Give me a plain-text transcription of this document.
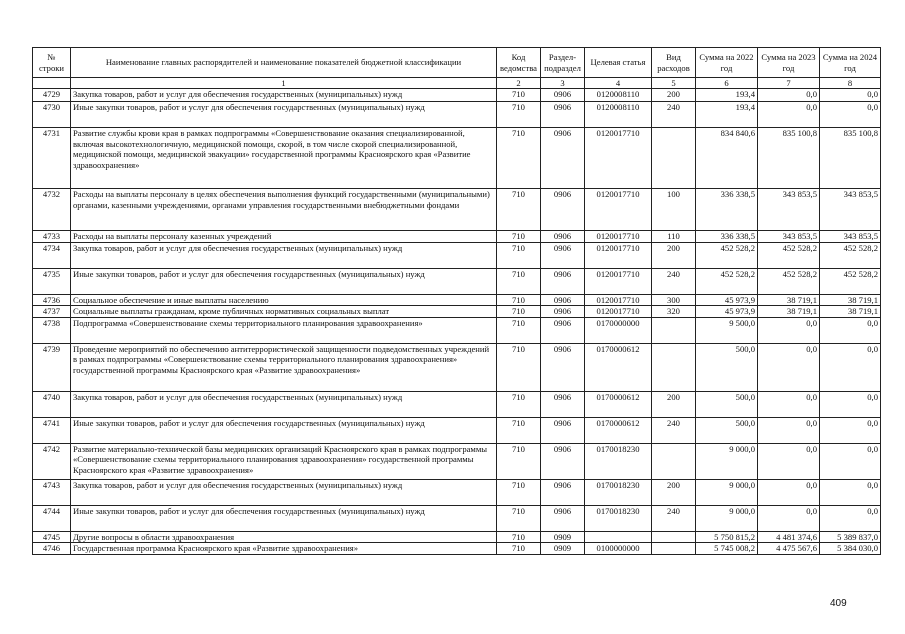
№ строки	Наименование главных распорядителей и наименование показателей бюджетной классификации	Код ведомства	Раздел-подраздел	Целевая статья	Вид расходов	Сумма на 2022 год	Сумма на 2023 год	Сумма на 2024 год
	1	2	3	4	5	6	7	8
4729	Закупка товаров, работ и услуг для обеспечения государственных (муниципальных) нужд	710	0906	0120008110	200	193,4	0,0	0,0
4730	Иные закупки товаров, работ и услуг для обеспечения государственных (муниципальных) нужд	710	0906	0120008110	240	193,4	0,0	0,0
4731	Развитие службы крови края в рамках подпрограммы «Совершенствование оказания специализированной, включая высокотехнологичную, медицинской помощи, скорой, в том числе скорой специализированной, медицинской помощи, медицинской эвакуации» государственной программы Красноярского края «Развитие здравоохранения»	710	0906	0120017710		834 840,6	835 100,8	835 100,8
4732	Расходы на выплаты персоналу в целях обеспечения выполнения функций государственными (муниципальными) органами, казенными учреждениями, органами управления государственными внебюджетными фондами	710	0906	0120017710	100	336 338,5	343 853,5	343 853,5
4733	Расходы на выплаты персоналу казенных учреждений	710	0906	0120017710	110	336 338,5	343 853,5	343 853,5
4734	Закупка товаров, работ и услуг для обеспечения государственных (муниципальных) нужд	710	0906	0120017710	200	452 528,2	452 528,2	452 528,2
4735	Иные закупки товаров, работ и услуг для обеспечения государственных (муниципальных) нужд	710	0906	0120017710	240	452 528,2	452 528,2	452 528,2
4736	Социальное обеспечение и иные выплаты населению	710	0906	0120017710	300	45 973,9	38 719,1	38 719,1
4737	Социальные выплаты гражданам, кроме публичных нормативных социальных выплат	710	0906	0120017710	320	45 973,9	38 719,1	38 719,1
4738	Подпрограмма «Совершенствование схемы территориального планирования здравоохранения»	710	0906	0170000000		9 500,0	0,0	0,0
4739	Проведение мероприятий по обеспечению антитеррористической защищенности подведомственных учреждений в рамках подпрограммы «Совершенствование схемы территориального планирования здравоохранения» государственной программы Красноярского края «Развитие здравоохранения»	710	0906	0170000612		500,0	0,0	0,0
4740	Закупка товаров, работ и услуг для обеспечения государственных (муниципальных) нужд	710	0906	0170000612	200	500,0	0,0	0,0
4741	Иные закупки товаров, работ и услуг для обеспечения государственных (муниципальных) нужд	710	0906	0170000612	240	500,0	0,0	0,0
4742	Развитие материально-технической базы медицинских организаций Красноярского края в рамках подпрограммы «Совершенствование схемы территориального планирования здравоохранения» государственной программы Красноярского края «Развитие здравоохранения»	710	0906	0170018230		9 000,0	0,0	0,0
4743	Закупка товаров, работ и услуг для обеспечения государственных (муниципальных) нужд	710	0906	0170018230	200	9 000,0	0,0	0,0
4744	Иные закупки товаров, работ и услуг для обеспечения государственных (муниципальных) нужд	710	0906	0170018230	240	9 000,0	0,0	0,0
4745	Другие вопросы в области здравоохранения	710	0909			5 750 815,2	4 481 374,6	5 389 837,0
4746	Государственная программа Красноярского края «Развитие здравоохранения»	710	0909	0100000000		5 745 008,2	4 475 567,6	5 384 030,0
409
